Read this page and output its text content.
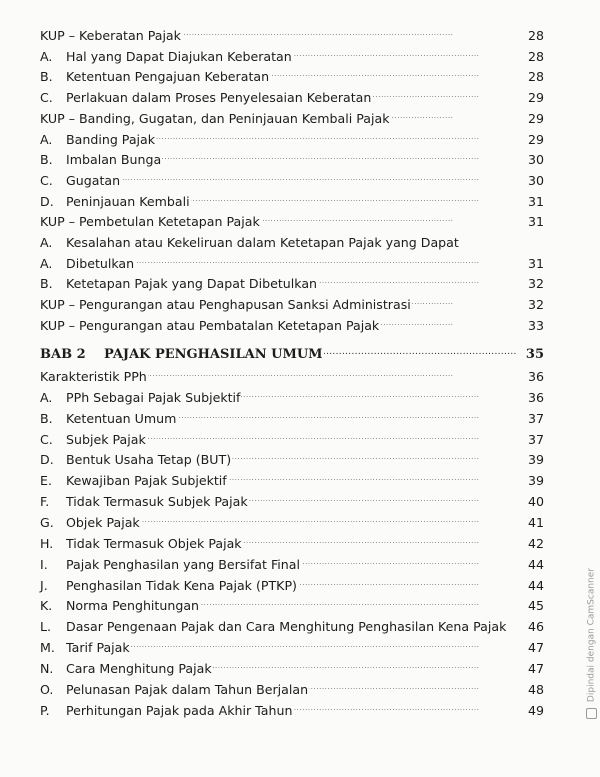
KUP – Keberatan Pajak . . .	28
A. Hal yang Dapat Diajukan Keberatan . . .	28
B. Ketentuan Pengajuan Keberatan . . .	28
C. Perlakuan dalam Proses Penyelesaian Keberatan . . .	29
KUP – Banding, Gugatan, dan Peninjauan Kembali Pajak . . .	29
A. Banding Pajak . . .	29
B. Imbalan Bunga . . .	30
C. Gugatan . . .	30
D. Peninjauan Kembali . . .	31
KUP – Pembetulan Ketetapan Pajak . . .	31
A. Kesalahan atau Kekeliruan dalam Ketetapan Pajak yang Dapat
A. Dibetulkan . . .	31
B. Ketetapan Pajak yang Dapat Dibetulkan . . .	32
KUP – Pengurangan atau Penghapusan Sanksi Administrasi . . .	32
KUP – Pengurangan atau Pembatalan Ketetapan Pajak . . .	33
BAB 2 PAJAK PENGHASILAN UMUM . . .	35
Karakteristik PPh . . .	36
A. PPh Sebagai Pajak Subjektif . . .	36
B. Ketentuan Umum . . .	37
C. Subjek Pajak . . .	37
D. Bentuk Usaha Tetap (BUT) . . .	39
E. Kewajiban Pajak Subjektif . . .	39
F. Tidak Termasuk Subjek Pajak . . .	40
G. Objek Pajak . . .	41
H. Tidak Termasuk Objek Pajak . . .	42
I. Pajak Penghasilan yang Bersifat Final . . .	44
J. Penghasilan Tidak Kena Pajak (PTKP) . . .	44
K. Norma Penghitungan . . .	45
L. Dasar Pengenaan Pajak dan Cara Menghitung Penghasilan Kena Pajak . . .	46
M. Tarif Pajak . . .	47
N. Cara Menghitung Pajak . . .	47
O. Pelunasan Pajak dalam Tahun Berjalan . . .	48
P. Perhitungan Pajak pada Akhir Tahun . . .	49
Dipindai dengan CamScanner
